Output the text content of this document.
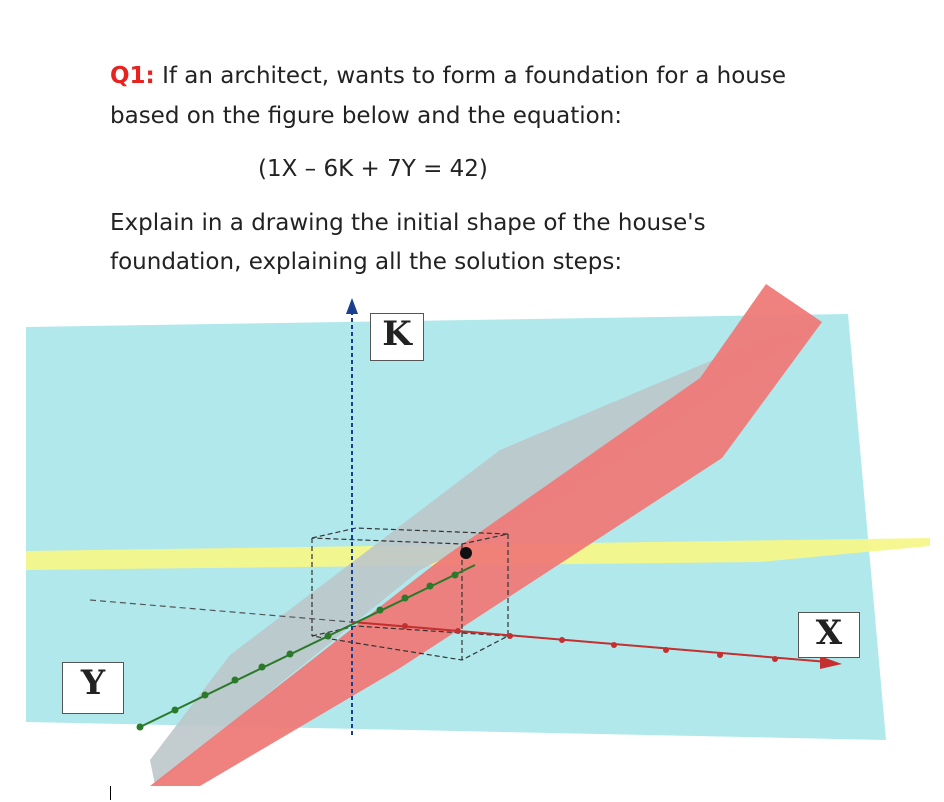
Q1: If an architect, wants to form a foundation for a house
based on the figure below and the equation:
(1X – 6K + 7Y = 42)
Explain in a drawing the initial shape of the house's
foundation, explaining all the solution steps:
K
X
Y
